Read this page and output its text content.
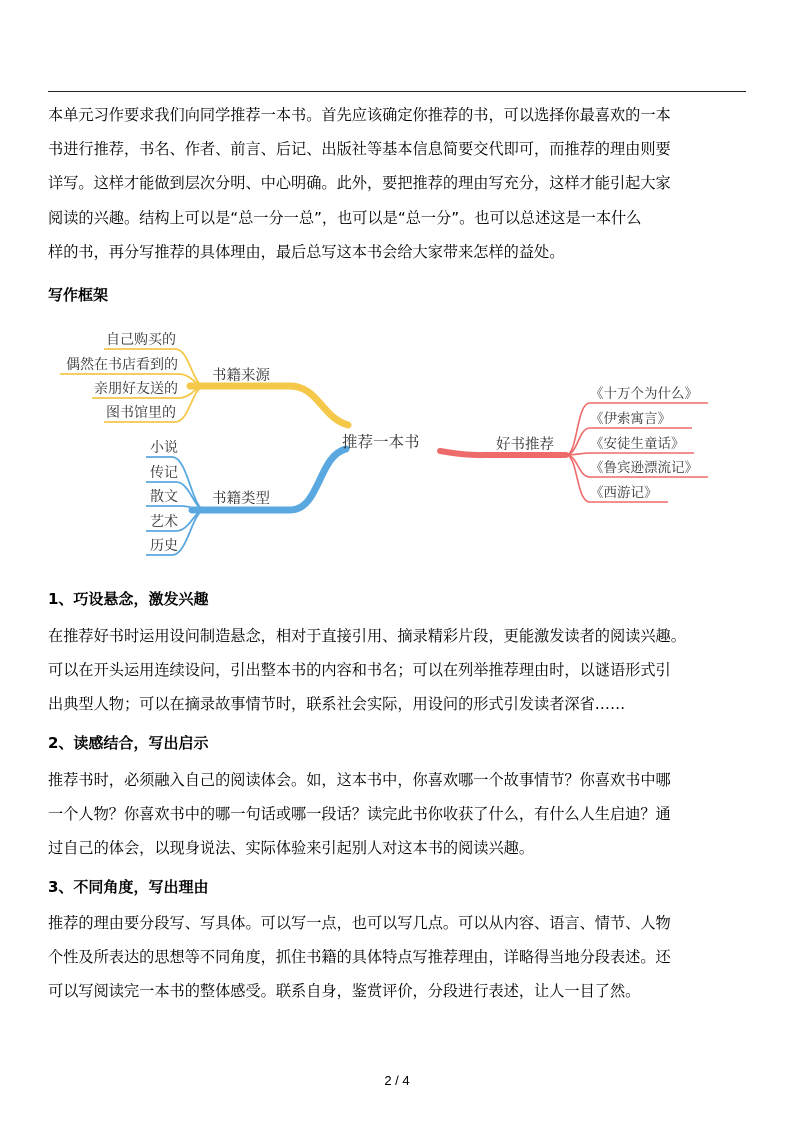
本单元习作要求我们向同学推荐一本书。首先应该确定你推荐的书，可以选择你最喜欢的一本
书进行推荐，书名、作者、前言、后记、出版社等基本信息简要交代即可，而推荐的理由则要
详写。这样才能做到层次分明、中心明确。此外，要把推荐的理由写充分，这样才能引起大家
阅读的兴趣。结构上可以是“总一分一总”，也可以是“总一分”。也可以总述这是一本什么
样的书，再分写推荐的具体理由，最后总写这本书会给大家带来怎样的益处。
写作框架
书籍来源
自己购买的
偶然在书店看到的
亲朋好友送的
图书馆里的
书籍类型
小说
传记
散文
艺术
历史
推荐一本书	好书推荐
《十万个为什么》
《伊索寓言》
《安徒生童话》
《鲁宾逊漂流记》
《西游记》
1、巧设悬念，激发兴趣
在推荐好书时运用设问制造悬念，相对于直接引用、摘录精彩片段，更能激发读者的阅读兴趣。
可以在开头运用连续设问，引出整本书的内容和书名；可以在列举推荐理由时，以谜语形式引
出典型人物；可以在摘录故事情节时，联系社会实际，用设问的形式引发读者深省……
2、读感结合，写出启示
推荐书时，必须融入自己的阅读体会。如，这本书中，你喜欢哪一个故事情节？你喜欢书中哪
一个人物？你喜欢书中的哪一句话或哪一段话？读完此书你收获了什么，有什么人生启迪？通
过自己的体会，以现身说法、实际体验来引起别人对这本书的阅读兴趣。
3、不同角度，写出理由
推荐的理由要分段写、写具体。可以写一点，也可以写几点。可以从内容、语言、情节、人物
个性及所表达的思想等不同角度，抓住书籍的具体特点写推荐理由，详略得当地分段表述。还
可以写阅读完一本书的整体感受。联系自身，鉴赏评价，分段进行表述，让人一目了然。
2 / 4
